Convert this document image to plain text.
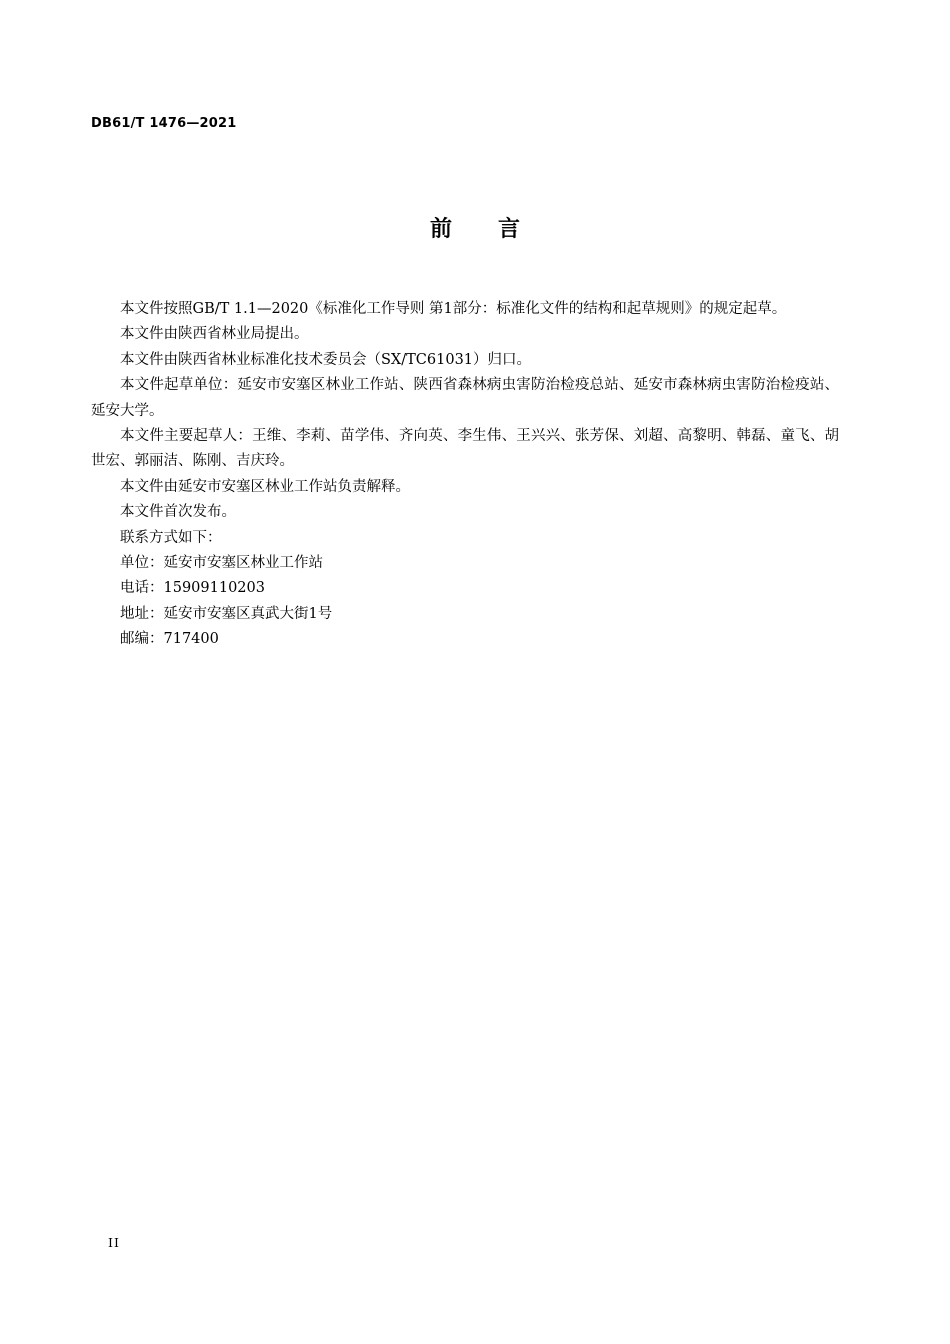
DB61/T 1476—2021
前 言

本文件按照GB/T 1.1—2020《标准化工作导则 第1部分：标准化文件的结构和起草规则》的规定起草。

本文件由陕西省林业局提出。

本文件由陕西省林业标准化技术委员会（SX/TC61031）归口。

本文件起草单位：延安市安塞区林业工作站、陕西省森林病虫害防治检疫总站、延安市森林病虫害防治检疫站、延安大学。

本文件主要起草人：王维、李莉、苗学伟、齐向英、李生伟、王兴兴、张芳保、刘超、高黎明、韩磊、童飞、胡世宏、郭丽洁、陈刚、吉庆玲。

本文件由延安市安塞区林业工作站负责解释。

本文件首次发布。

联系方式如下：

单位：延安市安塞区林业工作站

电话：15909110203

地址：延安市安塞区真武大街1号

邮编：717400

II
